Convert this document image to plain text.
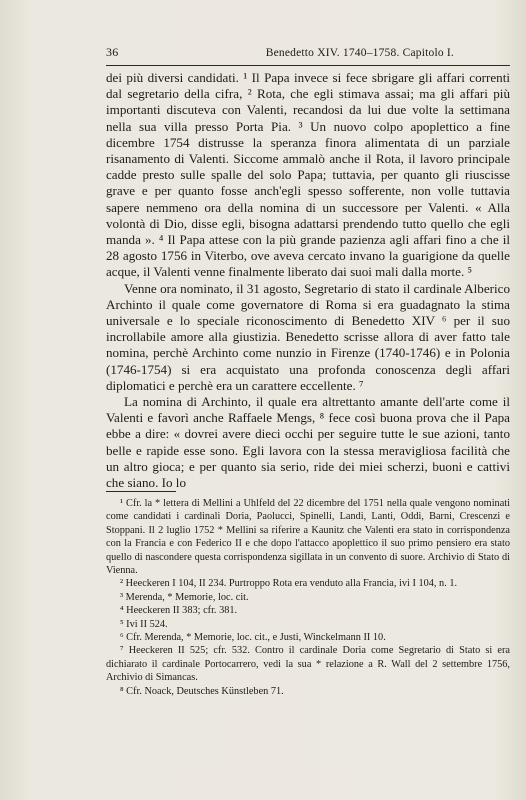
36	Benedetto XIV. 1740–1758. Capitolo I.

dei più diversi candidati. ¹ Il Papa invece si fece sbrigare gli affari correnti dal segretario della cifra, ² Rota, che egli stimava assai; ma gli affari più importanti discuteva con Valenti, recandosi da lui due volte la settimana nella sua villa presso Porta Pia. ³ Un nuovo colpo apoplettico a fine dicembre 1754 distrusse la speranza finora alimentata di un parziale risanamento di Valenti. Siccome ammalò anche il Rota, il lavoro principale cadde presto sulle spalle del solo Papa; tuttavia, per quanto gli riuscisse grave e per quanto fosse anch'egli spesso sofferente, non volle tuttavia sapere nemmeno ora della nomina di un successore per Valenti. « Alla volontà di Dio, disse egli, bisogna adattarsi prendendo tutto quello che egli manda ». ⁴ Il Papa attese con la più grande pazienza agli affari fino a che il 28 agosto 1756 in Viterbo, ove aveva cercato invano la guarigione da quelle acque, il Valenti venne finalmente liberato dai suoi mali dalla morte. ⁵

Venne ora nominato, il 31 agosto, Segretario di stato il cardinale Alberico Archinto il quale come governatore di Roma si era guadagnato la stima universale e lo speciale riconoscimento di Benedetto XIV ⁶ per il suo incrollabile amore alla giustizia. Benedetto scrisse allora di aver fatto tale nomina, perchè Archinto come nunzio in Firenze (1740-1746) e in Polonia (1746-1754) si era acquistato una profonda conoscenza degli affari diplomatici e perchè era un carattere eccellente. ⁷

La nomina di Archinto, il quale era altrettanto amante dell'arte come il Valenti e favorì anche Raffaele Mengs, ⁸ fece così buona prova che il Papa ebbe a dire: « dovrei avere dieci occhi per seguire tutte le sue azioni, tanto belle e rapide esse sono. Egli lavora con la stessa meravigliosa facilità che un altro gioca; e per quanto sia serio, ride dei miei scherzi, buoni e cattivi che siano. Io lo

¹ Cfr. la * lettera di Mellini a Uhlfeld del 22 dicembre del 1751 nella quale vengono nominati come candidati i cardinali Doria, Paolucci, Spinelli, Landi, Lanti, Oddi, Barni, Crescenzi e Stoppani. Il 2 luglio 1752 * Mellini sa riferire a Kaunitz che Valenti era stato in corrispondenza con la Francia e con Federico II e che dopo l'attacco apoplettico il suo primo pensiero era stato quello di nascondere questa corrispondenza sigillata in un convento di suore. Archivio di Stato di Vienna.

² Heeckeren I 104, II 234. Purtroppo Rota era venduto alla Francia, ivi I 104, n. 1.

³ Merenda, * Memorie, loc. cit.

⁴ Heeckeren II 383; cfr. 381.

⁵ Ivi II 524.

⁶ Cfr. Merenda, * Memorie, loc. cit., e Justi, Winckelmann II 10.

⁷ Heeckeren II 525; cfr. 532. Contro il cardinale Doria come Segretario di Stato si era dichiarato il cardinale Portocarrero, vedi la sua * relazione a R. Wall del 2 settembre 1756, Archivio di Simancas.

⁸ Cfr. Noack, Deutsches Künstleben 71.
